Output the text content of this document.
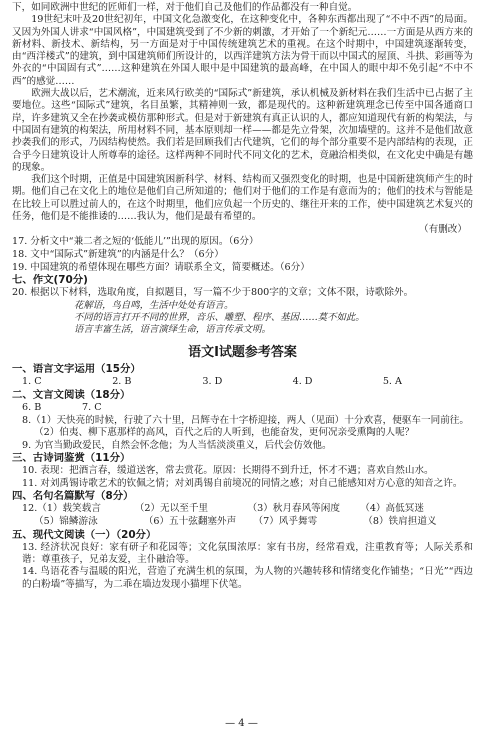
下，如同欧洲中世纪的匠师们一样，对于他们自己及他们的作品都没有一种自觉。

19世纪末叶及20世纪初年，中国文化急激变化，在这种变化中，各种东西都出现了“不中不西”的局面。又因为外国人讲求“中国风格”，中国建筑受到了不少新的刺激，才开始了一个新纪元……一方面是从西方来的新材料、新技术、新结构，另一方面是对于中国传统建筑艺术的重视。在这个时期中，中国建筑逐渐转变，由“西洋楼式”的建筑，到中国建筑师们所设计的，以西洋建筑方法为骨干而以中国式的屋顶、斗拱、彩画等为外衣的“中国固有式”……这种建筑在外国人眼中是中国建筑的最高峰，在中国人的眼中却不免引起“不中不西”的感觉……

欧洲大战以后，艺术潮流，近来风行欧美的“国际式”新建筑，承认机械及新材料在我们生活中已占据了主要地位。这些“国际式”建筑，名目虽繁，其精神则一致，都是现代的。这种新建筑理念已传至中国各通商口岸，许多建筑又全在抄袭或模仿那种形式。但是对于新建筑有真正认识的人，都应知道现代有新的构架法，与中国固有建筑的构架法，所用材料不同，基本原则却一样——都是先立骨架，次加墙壁的。这并不是他们故意抄袭我们的形式，乃因结构使然。我们若是回顾我们古代建筑，它们的每个部分重要不是内部结构的表现，正合乎今日建筑设计人所尊奉的途径。这样两种不同时代不同文化的艺术，竟融洽相类似，在文化史中确是有趣的现象。

我们这个时期，正值是中国建筑困新科学、材料、结构而又强烈变化的时期，也是中国新建筑师产生的时期。他们自己在文化上的地位是他们自己所知道的；他们对于他们的工作是有意而为的；他们的技术与智能是在比较上可以胜过前人的，在这个时期里，他们应负起一个历史的、继往开来的工作，使中国建筑艺术复兴的任务，他们是不能推诿的……我认为，他们是最有希望的。

（有删改）

17. 分析文中“兼二者之短的‘低能儿’”出现的原因。（6分）

18. 文中“国际式”新建筑”的内涵是什么？（6分）

19. 中国建筑的希望体现在哪些方面？请联系全文，简要概述。（6分）

七、作文(70分)

20. 根据以下材料，选取角度，自拟题目，写一篇不少于800字的文章；文体不限，诗歌除外。

花解语，鸟自鸣，生活中处处有语言。

不同的语言打开不同的世界，音乐、雕塑、程序、基因……莫不如此。

语言丰富生活，语言演绎生命，语言传承文明。

语文Ⅰ试题参考答案

一、语言文字运用（15分）

1. C	2. B	3. D	4. D	5. A

二、文言文阅读（18分）

6. B	7. C

8.（1）天快亮的时候，行驶了六十里，吕辉寺在十字桥迎接，两人（见面）十分欢喜，便驱车一同前往。

（2）伯夷、柳下惠那样的高风，百代之后的人听到，也能奋发，更何况亲受熏陶的人呢？

9. 为官当勤政爱民，自然会怀念他；为人当恬淡淡重义，后代会仿效他。

三、古诗词鉴赏（11分）

10. 表现：把酒言春，缓道送客，常去赏花。原因：长期得不到升迁，怀才不遇；喜欢自然山水。

11. 对刘禹锡诗歌艺术的钦佩之情；对刘禹锡自前境况的同情之感；对自己能感知对方心意的知音之许。

四、名句名篇默写（8分）

12.（1）载笑载言	（2）无以至千里	（3）秋月春风等闲度	（4）高低冥迷
（5）锦鳞游泳	（6）五十弦翻塞外声	（7）风乎舞雩	（8）铁肩担道义

五、现代文阅读（一）（20分）

13. 经济状况良好：家有研子和花园等；文化氛围浓厚：家有书房，经常看戏，注重教育等；人际关系和谐：尊重孩子，兄弟友爱，主仆融洽等。

14. 鸟语花香与温暖的阳光，营造了充满生机的氛围，为人物的兴趣转移和情绪变化作铺垫；“日光”“西边的白粉墙”等描写，为二乖在墙边发现小猫埋下伏笔。

— 4 —
